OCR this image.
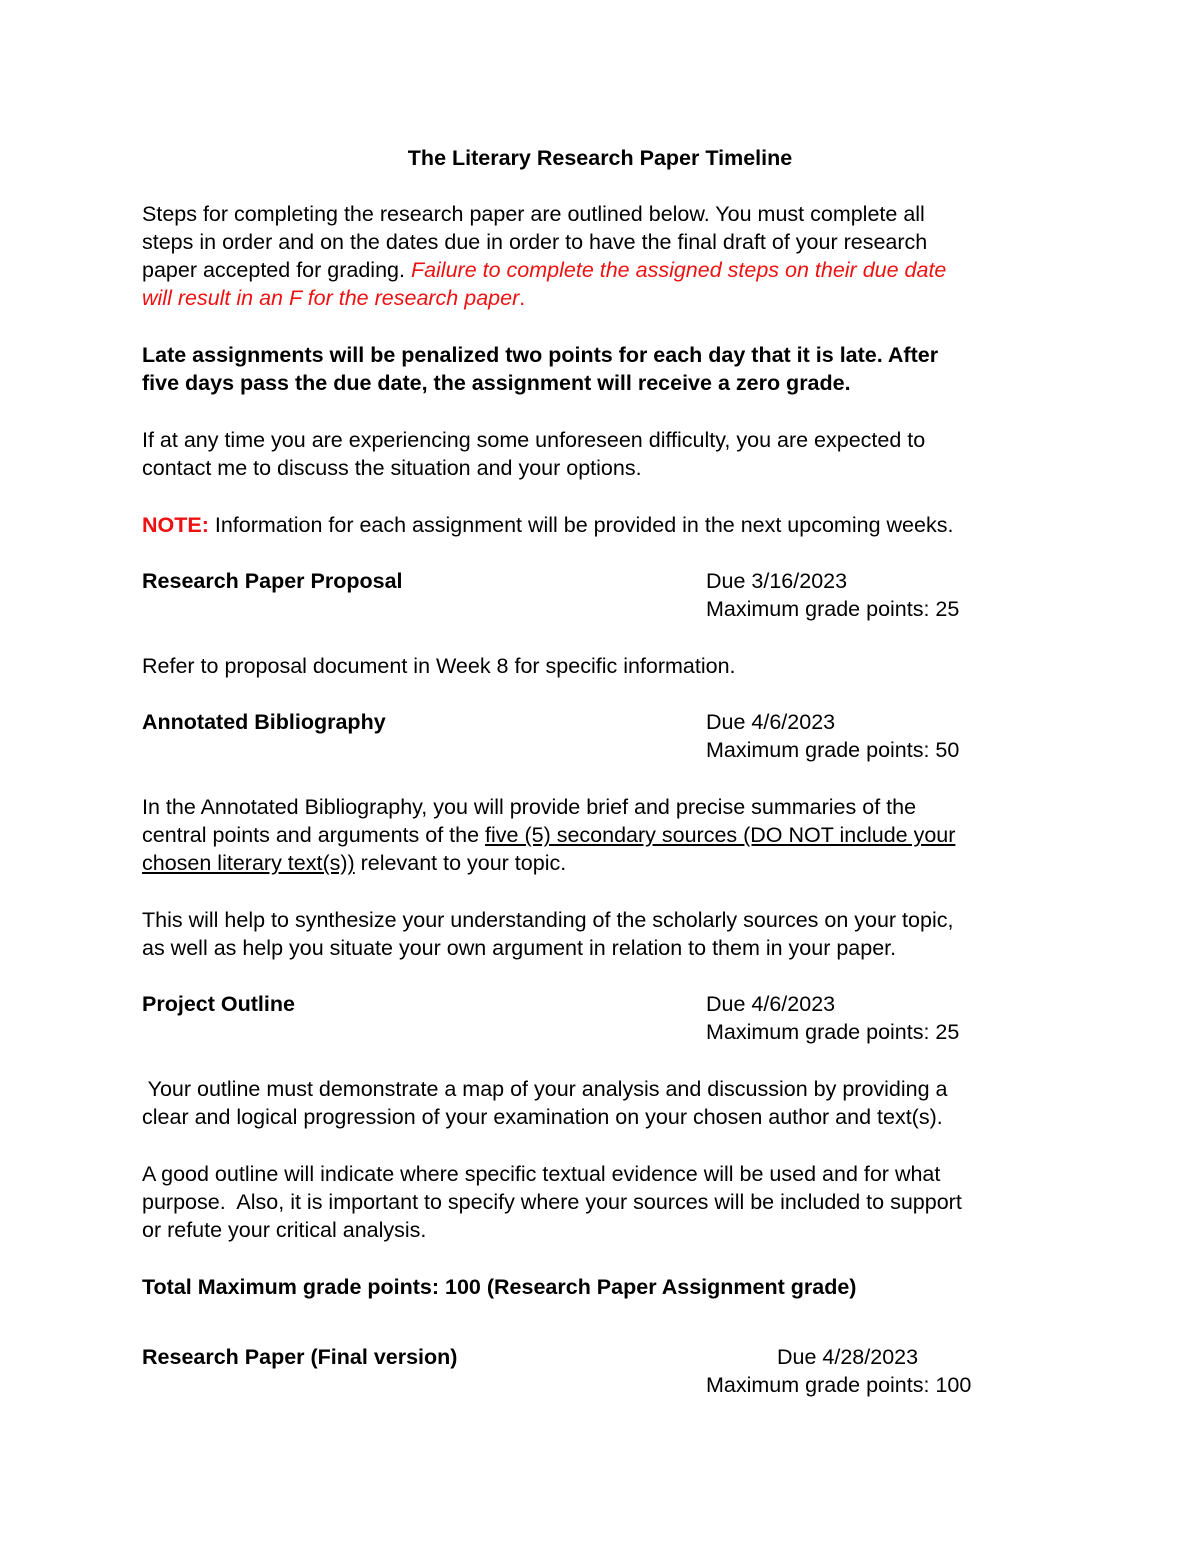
The Literary Research Paper Timeline
Steps for completing the research paper are outlined below. You must complete all
steps in order and on the dates due in order to have the final draft of your research
paper accepted for grading. Failure to complete the assigned steps on their due date
will result in an F for the research paper.
Late assignments will be penalized two points for each day that it is late. After
five days pass the due date, the assignment will receive a zero grade.
If at any time you are experiencing some unforeseen difficulty, you are expected to
contact me to discuss the situation and your options.
NOTE: Information for each assignment will be provided in the next upcoming weeks.
Research Paper Proposal	Due 3/16/2023
Maximum grade points: 25
Refer to proposal document in Week 8 for specific information.
Annotated Bibliography	Due 4/6/2023
Maximum grade points: 50
In the Annotated Bibliography, you will provide brief and precise summaries of the
central points and arguments of the five (5) secondary sources (DO NOT include your
chosen literary text(s)) relevant to your topic.
This will help to synthesize your understanding of the scholarly sources on your topic,
as well as help you situate your own argument in relation to them in your paper.
Project Outline	Due 4/6/2023
Maximum grade points: 25
Your outline must demonstrate a map of your analysis and discussion by providing a
clear and logical progression of your examination on your chosen author and text(s).
A good outline will indicate where specific textual evidence will be used and for what
purpose.  Also, it is important to specify where your sources will be included to support
or refute your critical analysis.
Total Maximum grade points: 100 (Research Paper Assignment grade)
Research Paper (Final version)	Due 4/28/2023
Maximum grade points: 100
